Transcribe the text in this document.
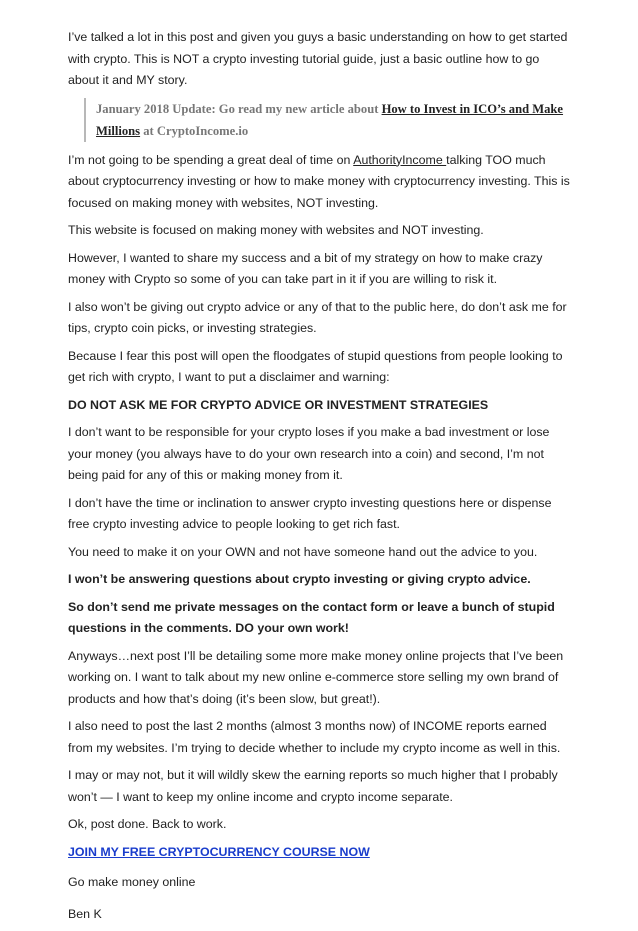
I’ve talked a lot in this post and given you guys a basic understanding on how to get started with crypto. This is NOT a crypto investing tutorial guide, just a basic outline how to go about it and MY story.

January 2018 Update: Go read my new article about How to Invest in ICO’s and Make Millions at CryptoIncome.io

I’m not going to be spending a great deal of time on AuthorityIncome talking TOO much about cryptocurrency investing or how to make money with cryptocurrency investing. This is focused on making money with websites, NOT investing.

This website is focused on making money with websites and NOT investing.

However, I wanted to share my success and a bit of my strategy on how to make crazy money with Crypto so some of you can take part in it if you are willing to risk it.

I also won’t be giving out crypto advice or any of that to the public here, do don’t ask me for tips, crypto coin picks, or investing strategies.

Because I fear this post will open the floodgates of stupid questions from people looking to get rich with crypto, I want to put a disclaimer and warning:

DO NOT ASK ME FOR CRYPTO ADVICE OR INVESTMENT STRATEGIES

I don’t want to be responsible for your crypto loses if you make a bad investment or lose your money (you always have to do your own research into a coin) and second, I’m not being paid for any of this or making money from it.

I don’t have the time or inclination to answer crypto investing questions here or dispense free crypto investing advice to people looking to get rich fast.

You need to make it on your OWN and not have someone hand out the advice to you.

I won’t be answering questions about crypto investing or giving crypto advice.

So don’t send me private messages on the contact form or leave a bunch of stupid questions in the comments. DO your own work!

Anyways…next post I’ll be detailing some more make money online projects that I’ve been working on. I want to talk about my new online e-commerce store selling my own brand of products and how that’s doing (it’s been slow, but great!).

I also need to post the last 2 months (almost 3 months now) of INCOME reports earned from my websites. I’m trying to decide whether to include my crypto income as well in this.

I may or may not, but it will wildly skew the earning reports so much higher that I probably won’t — I want to keep my online income and crypto income separate.

Ok, post done. Back to work.

JOIN MY FREE CRYPTOCURRENCY COURSE NOW

Go make money online

Ben K
